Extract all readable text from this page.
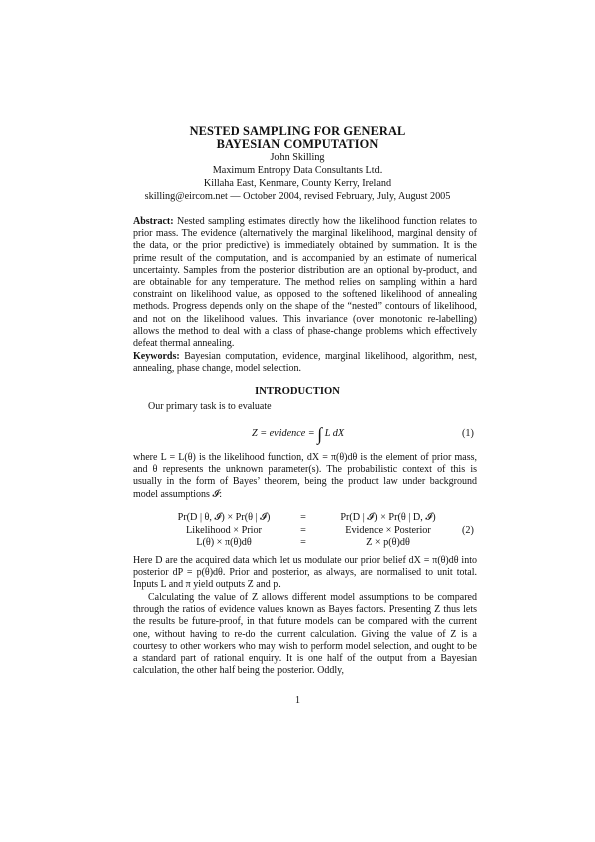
NESTED SAMPLING FOR GENERAL
BAYESIAN COMPUTATION
John Skilling
Maximum Entropy Data Consultants Ltd.
Killaha East, Kenmare, County Kerry, Ireland
skilling@eircom.net — October 2004, revised February, July, August 2005

Abstract: Nested sampling estimates directly how the likelihood function relates to prior mass. The evidence (alternatively the marginal likelihood, marginal density of the data, or the prior predictive) is immediately obtained by summation. It is the prime result of the computation, and is accompanied by an estimate of numerical uncertainty. Samples from the posterior distribution are an optional by-product, and are obtainable for any temperature. The method relies on sampling within a hard constraint on likelihood value, as opposed to the softened likelihood of annealing methods. Progress depends only on the shape of the “nested” contours of likelihood, and not on the likelihood values. This invariance (over monotonic re-labelling) allows the method to deal with a class of phase-change problems which effectively defeat thermal annealing.

Keywords: Bayesian computation, evidence, marginal likelihood, algorithm, nest, annealing, phase change, model selection.

INTRODUCTION

Our primary task is to evaluate

Z = evidence = ∫ L dX	(1)

where L = L(θ) is the likelihood function, dX = π(θ)dθ is the element of prior mass, and θ represents the unknown parameter(s). The probabilistic context of this is usually in the form of Bayes’ theorem, being the product law under background model assumptions 𝓘:

Pr(D | θ, 𝓘) × Pr(θ | 𝓘)	=	Pr(D | 𝓘) × Pr(θ | D, 𝓘)
Likelihood × Prior	=	Evidence × Posterior
L(θ) × π(θ)dθ	=	Z × p(θ)dθ
(2)

Here D are the acquired data which let us modulate our prior belief dX = π(θ)dθ into posterior dP = p(θ)dθ. Prior and posterior, as always, are normalised to unit total. Inputs L and π yield outputs Z and p.

Calculating the value of Z allows different model assumptions to be compared through the ratios of evidence values known as Bayes factors. Presenting Z thus lets the results be future-proof, in that future models can be compared with the current one, without having to re-do the current calculation. Giving the value of Z is a courtesy to other workers who may wish to perform model selection, and ought to be a standard part of rational enquiry. It is one half of the output from a Bayesian calculation, the other half being the posterior. Oddly,

1
